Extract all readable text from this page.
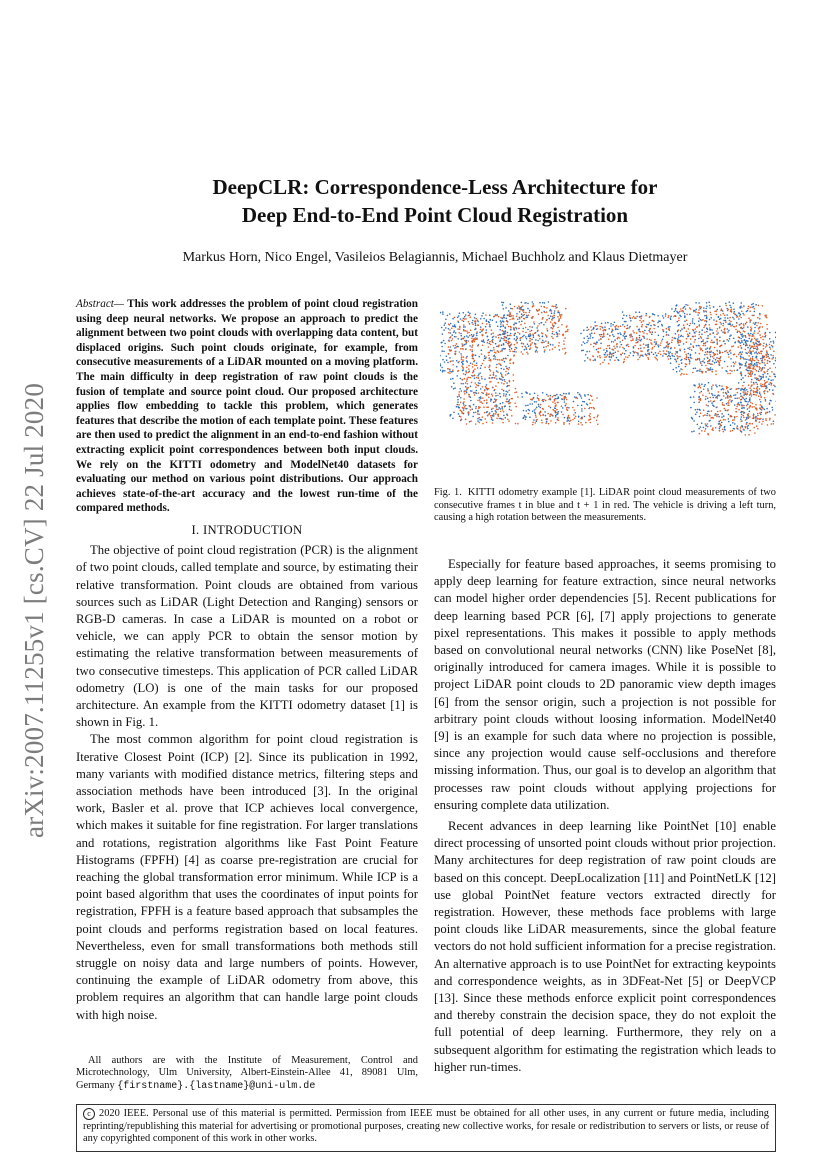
arXiv:2007.11255v1 [cs.CV] 22 Jul 2020
DeepCLR: Correspondence-Less Architecture for
Deep End-to-End Point Cloud Registration
Markus Horn, Nico Engel, Vasileios Belagiannis, Michael Buchholz and Klaus Dietmayer

Abstract— This work addresses the problem of point cloud registration using deep neural networks. We propose an approach to predict the alignment between two point clouds with overlapping data content, but displaced origins. Such point clouds originate, for example, from consecutive measurements of a LiDAR mounted on a moving platform. The main difficulty in deep registration of raw point clouds is the fusion of template and source point cloud. Our proposed architecture applies flow embedding to tackle this problem, which generates features that describe the motion of each template point. These features are then used to predict the alignment in an end-to-end fashion without extracting explicit point correspondences between both input clouds. We rely on the KITTI odometry and ModelNet40 datasets for evaluating our method on various point distributions. Our approach achieves state-of-the-art accuracy and the lowest run-time of the compared methods.

I. INTRODUCTION

The objective of point cloud registration (PCR) is the alignment of two point clouds, called template and source, by estimating their relative transformation. Point clouds are obtained from various sources such as LiDAR (Light Detection and Ranging) sensors or RGB-D cameras. In case a LiDAR is mounted on a robot or vehicle, we can apply PCR to obtain the sensor motion by estimating the relative transformation between measurements of two consecutive timesteps. This application of PCR called LiDAR odometry (LO) is one of the main tasks for our proposed architecture. An example from the KITTI odometry dataset [1] is shown in Fig. 1.

The most common algorithm for point cloud registration is Iterative Closest Point (ICP) [2]. Since its publication in 1992, many variants with modified distance metrics, filtering steps and association methods have been introduced [3]. In the original work, Basler et al. prove that ICP achieves local convergence, which makes it suitable for fine registration. For larger translations and rotations, registration algorithms like Fast Point Feature Histograms (FPFH) [4] as coarse pre-registration are crucial for reaching the global transformation error minimum. While ICP is a point based algorithm that uses the coordinates of input points for registration, FPFH is a feature based approach that subsamples the point clouds and performs registration based on local features. Nevertheless, even for small transformations both methods still struggle on noisy data and large numbers of points. However, continuing the example of LiDAR odometry from above, this problem requires an algorithm that can handle large point clouds with high noise.

All authors are with the Institute of Measurement, Control and Microtechnology, Ulm University, Albert-Einstein-Allee 41, 89081 Ulm, Germany {firstname}.{lastname}@uni-ulm.de
Fig. 1. KITTI odometry example [1]. LiDAR point cloud measurements of two consecutive frames t in blue and t + 1 in red. The vehicle is driving a left turn, causing a high rotation between the measurements.

Especially for feature based approaches, it seems promising to apply deep learning for feature extraction, since neural networks can model higher order dependencies [5]. Recent publications for deep learning based PCR [6], [7] apply projections to generate pixel representations. This makes it possible to apply methods based on convolutional neural networks (CNN) like PoseNet [8], originally introduced for camera images. While it is possible to project LiDAR point clouds to 2D panoramic view depth images [6] from the sensor origin, such a projection is not possible for arbitrary point clouds without loosing information. ModelNet40 [9] is an example for such data where no projection is possible, since any projection would cause self-occlusions and therefore missing information. Thus, our goal is to develop an algorithm that processes raw point clouds without applying projections for ensuring complete data utilization.

Recent advances in deep learning like PointNet [10] enable direct processing of unsorted point clouds without prior projection. Many architectures for deep registration of raw point clouds are based on this concept. DeepLocalization [11] and PointNetLK [12] use global PointNet feature vectors extracted directly for registration. However, these methods face problems with large point clouds like LiDAR measurements, since the global feature vectors do not hold sufficient information for a precise registration. An alternative approach is to use PointNet for extracting keypoints and correspondence weights, as in 3DFeat-Net [5] or DeepVCP [13]. Since these methods enforce explicit point correspondences and thereby constrain the decision space, they do not exploit the full potential of deep learning. Furthermore, they rely on a subsequent algorithm for estimating the registration which leads to higher run-times.

c 2020 IEEE. Personal use of this material is permitted. Permission from IEEE must be obtained for all other uses, in any current or future media, including reprinting/republishing this material for advertising or promotional purposes, creating new collective works, for resale or redistribution to servers or lists, or reuse of any copyrighted component of this work in other works.
